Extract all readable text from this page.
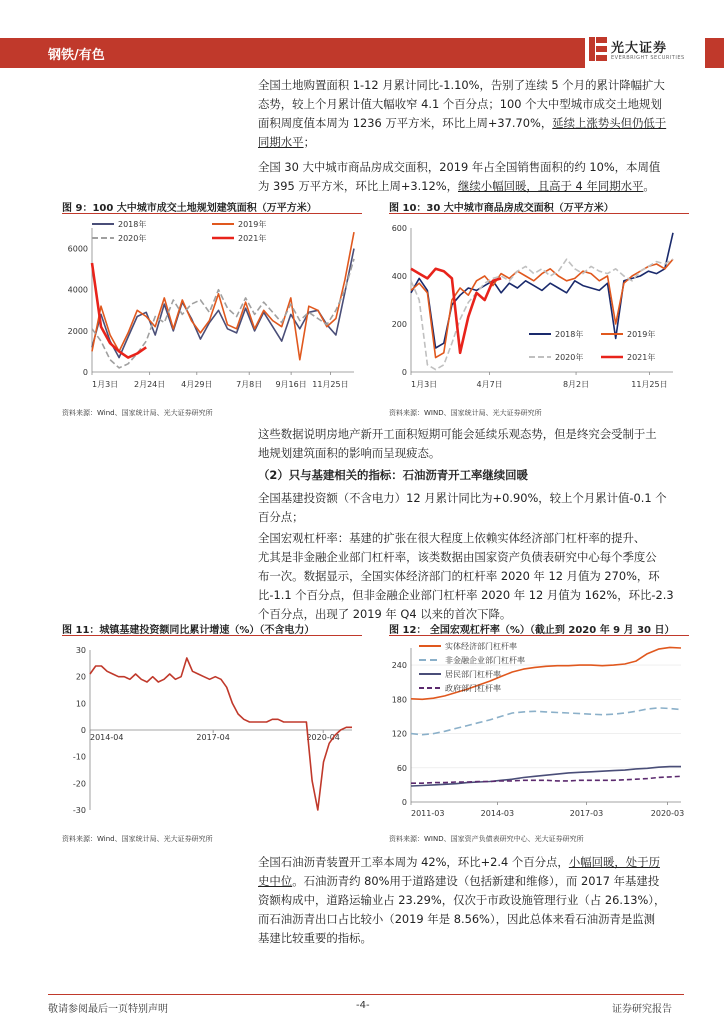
钢铁/有色	光大证券
EVERBRIGHT SECURITIES
全国土地购置面积 1-12 月累计同比-1.10%，告别了连续 5 个月的累计降幅扩大
态势，较上个月累计值大幅收窄 4.1 个百分点；100 个大中型城市成交土地规划
面积周度值本周为 1236 万平方米，环比上周+37.70%，延续上涨势头但仍低于
同期水平；
全国 30 大中城市商品房成交面积，2019 年占全国销售面积的约 10%，本周值
为 395 万平方米，环比上周+3.12%，继续小幅回暖，且高于 4 年同期水平。
图 9：100 大中城市成交土地规划建筑面积（万平方米）
0
2000
4000
6000
1月3日 2月24日 4月29日	7月8日 9月16日 11月25日
2018年
2020年
2019年
2021年
资料来源：Wind、国家统计局、光大证券研究所
图 10：30 大中城市商品房成交面积（万平方米）
0
200
400
600
1月3日	4月7日	8月2日	11月25日
2018年
2020年
2019年
2021年
资料来源：WIND、国家统计局、光大证券研究所
这些数据说明房地产新开工面积短期可能会延续乐观态势，但是终究会受制于土
地规划建筑面积的影响而呈现疲态。
（2）只与基建相关的指标：石油沥青开工率继续回暖
全国基建投资额（不含电力）12 月累计同比为+0.90%，较上个月累计值-0.1 个
百分点；
全国宏观杠杆率：基建的扩张在很大程度上依赖实体经济部门杠杆率的提升、
尤其是非金融企业部门杠杆率，该类数据由国家资产负债表研究中心每个季度公
布一次。数据显示，全国实体经济部门的杠杆率 2020 年 12 月值为 270%，环
比-1.1 个百分点，但非金融企业部门杠杆率 2020 年 12 月值为 162%，环比-2.3
个百分点，出现了 2019 年 Q4 以来的首次下降。
图 11：城镇基建投资额同比累计增速（%）（不含电力）
30
20
10
0
-10
-20
-30
2014-04	2017-04	2020-04
资料来源：Wind、国家统计局、光大证券研究所
图 12： 全国宏观杠杆率（%）（截止到 2020 年 9 月 30 日）
0
60
120
180
240
2011-03	2014-03	2017-03	2020-03
实体经济部门杠杆率
非金融企业部门杠杆率
居民部门杠杆率
政府部门杠杆率
资料来源：WIND、国家资产负债表研究中心、光大证券研究所
全国石油沥青装置开工率本周为 42%，环比+2.4 个百分点，小幅回暖，处于历
史中位。石油沥青约 80%用于道路建设（包括新建和维修），而 2017 年基建投
资额构成中，道路运输业占 23.29%，仅次于市政设施管理行业（占 26.13%），
而石油沥青出口占比较小（2019 年是 8.56%），因此总体来看石油沥青是监测
基建比较重要的指标。
敬请参阅最后一页特别声明	-4-	证券研究报告
